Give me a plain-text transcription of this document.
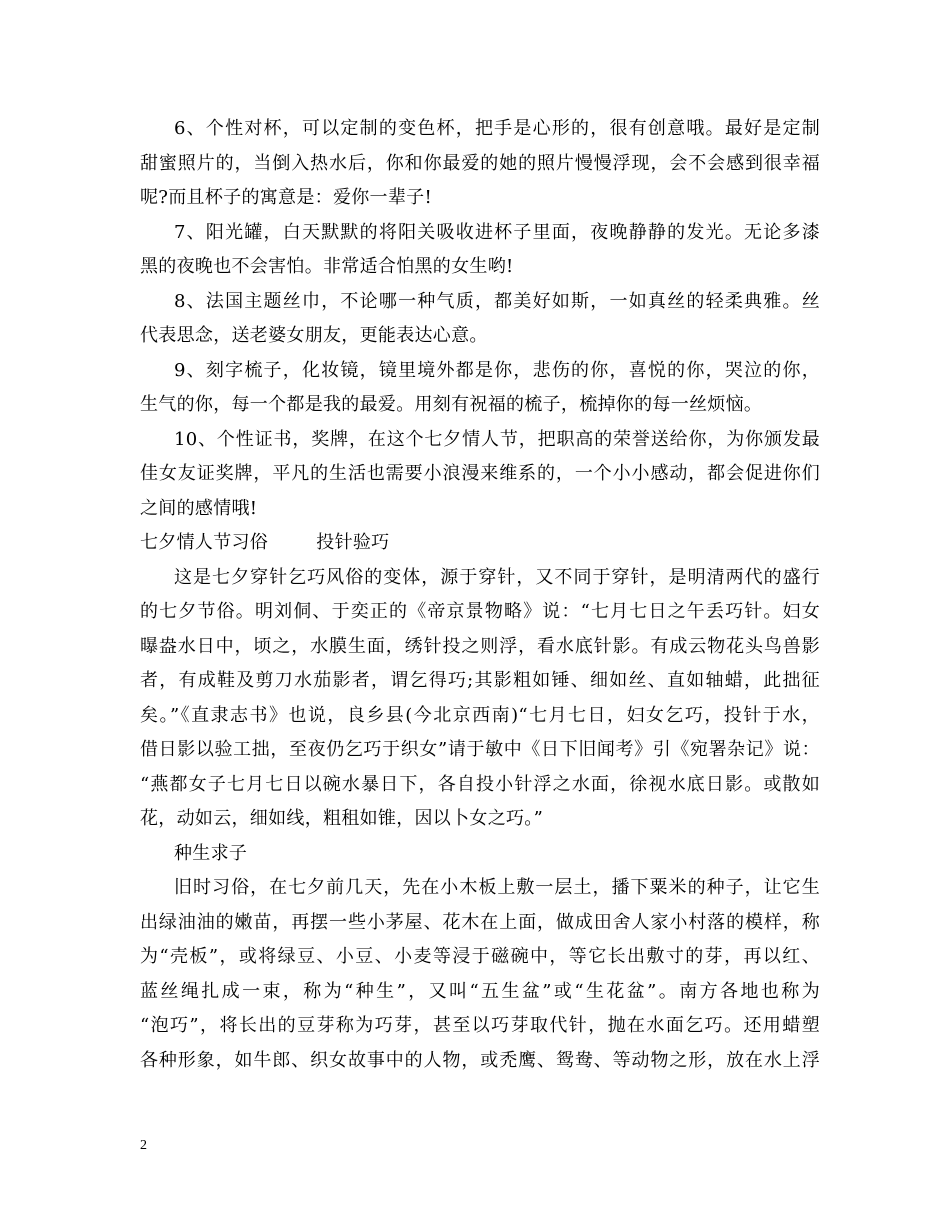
6、个性对杯，可以定制的变色杯，把手是心形的，很有创意哦。最好是定制
甜蜜照片的，当倒入热水后，你和你最爱的她的照片慢慢浮现，会不会感到很幸福
呢?而且杯子的寓意是：爱你一辈子!
7、阳光罐，白天默默的将阳关吸收进杯子里面，夜晚静静的发光。无论多漆
黑的夜晚也不会害怕。非常适合怕黑的女生哟!
8、法国主题丝巾，不论哪一种气质，都美好如斯，一如真丝的轻柔典雅。丝
代表思念，送老婆女朋友，更能表达心意。
9、刻字梳子，化妆镜，镜里境外都是你，悲伤的你，喜悦的你，哭泣的你，
生气的你，每一个都是我的最爱。用刻有祝福的梳子，梳掉你的每一丝烦恼。
10、个性证书，奖牌，在这个七夕情人节，把职高的荣誉送给你，为你颁发最
佳女友证奖牌，平凡的生活也需要小浪漫来维系的，一个小小感动，都会促进你们
之间的感情哦!
七夕情人节习俗        投针验巧
这是七夕穿针乞巧风俗的变体，源于穿针，又不同于穿针，是明清两代的盛行
的七夕节俗。明刘侗、于奕正的《帝京景物略》说：“七月七日之午丢巧针。妇女
曝盎水日中，顷之，水膜生面，绣针投之则浮，看水底针影。有成云物花头鸟兽影
者，有成鞋及剪刀水茄影者，谓乞得巧;其影粗如锤、细如丝、直如轴蜡，此拙征
矣。”《直隶志书》也说，良乡县(今北京西南)“七月七日，妇女乞巧，投针于水，
借日影以验工拙，至夜仍乞巧于织女”请于敏中《日下旧闻考》引《宛署杂记》说：
“燕都女子七月七日以碗水暴日下，各自投小针浮之水面，徐视水底日影。或散如
花，动如云，细如线，粗租如锥，因以卜女之巧。”
种生求子
旧时习俗，在七夕前几天，先在小木板上敷一层土，播下粟米的种子，让它生
出绿油油的嫩苗，再摆一些小茅屋、花木在上面，做成田舍人家小村落的模样，称
为“壳板”，或将绿豆、小豆、小麦等浸于磁碗中，等它长出敷寸的芽，再以红、
蓝丝绳扎成一束，称为“种生”，又叫“五生盆”或“生花盆”。南方各地也称为
“泡巧”，将长出的豆芽称为巧芽，甚至以巧芽取代针，抛在水面乞巧。还用蜡塑
各种形象，如牛郎、织女故事中的人物，或禿鹰、鸳鸯、等动物之形，放在水上浮
2
